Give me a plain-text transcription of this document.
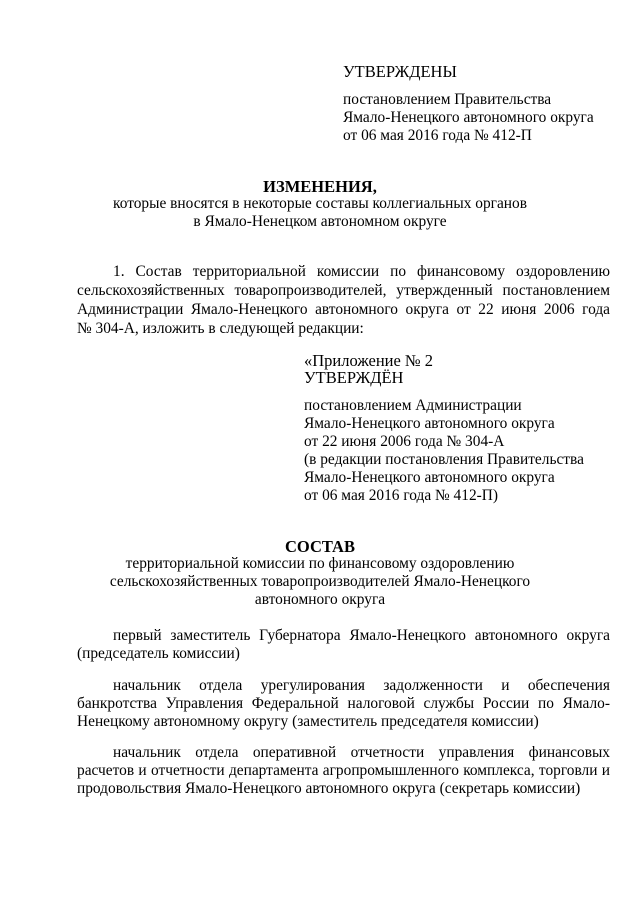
УТВЕРЖДЕНЫ
постановлением Правительства
Ямало-Ненецкого автономного округа
от 06 мая 2016 года № 412-П
ИЗМЕНЕНИЯ,
которые вносятся в некоторые составы коллегиальных органов
в Ямало-Ненецком автономном округе
1. Состав территориальной комиссии по финансовому оздоровлению
сельскохозяйственных товаропроизводителей, утвержденный постановлением
Администрации Ямало-Ненецкого автономного округа от 22 июня 2006 года
№ 304-А, изложить в следующей редакции:
«Приложение № 2
УТВЕРЖДЁН
постановлением Администрации
Ямало-Ненецкого автономного округа
от 22 июня 2006 года № 304-А
(в редакции постановления Правительства
Ямало-Ненецкого автономного округа
от 06 мая 2016 года № 412-П)
СОСТАВ
территориальной комиссии по финансовому оздоровлению
сельскохозяйственных товаропроизводителей Ямало-Ненецкого
автономного округа
первый заместитель Губернатора Ямало-Ненецкого автономного округа
(председатель комиссии)
начальник отдела урегулирования задолженности и обеспечения
банкротства Управления Федеральной налоговой службы России по Ямало-
Ненецкому автономному округу (заместитель председателя комиссии)
начальник отдела оперативной отчетности управления финансовых
расчетов и отчетности департамента агропромышленного комплекса, торговли и
продовольствия Ямало-Ненецкого автономного округа (секретарь комиссии)
